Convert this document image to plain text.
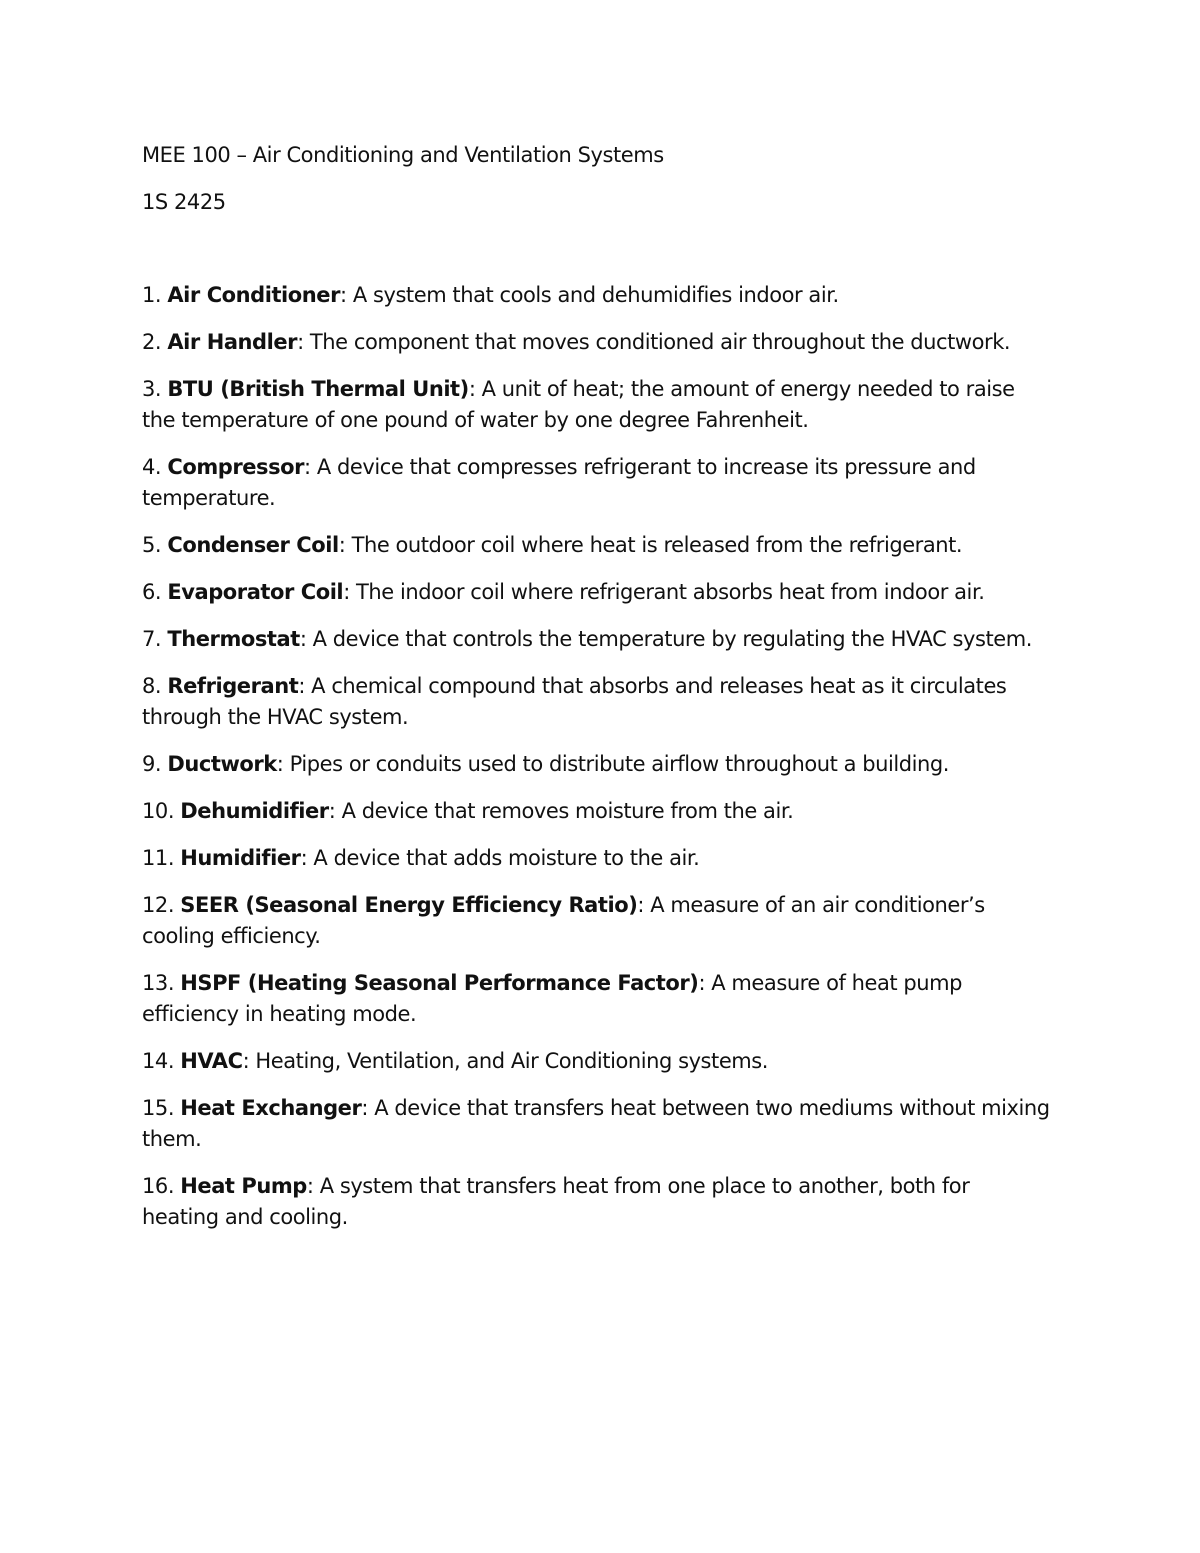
MEE 100 – Air Conditioning and Ventilation Systems

1S 2425

1. Air Conditioner: A system that cools and dehumidifies indoor air.
2. Air Handler: The component that moves conditioned air throughout the ductwork.
3. BTU (British Thermal Unit): A unit of heat; the amount of energy needed to raise the temperature of one pound of water by one degree Fahrenheit.
4. Compressor: A device that compresses refrigerant to increase its pressure and temperature.
5. Condenser Coil: The outdoor coil where heat is released from the refrigerant.
6. Evaporator Coil: The indoor coil where refrigerant absorbs heat from indoor air.
7. Thermostat: A device that controls the temperature by regulating the HVAC system.
8. Refrigerant: A chemical compound that absorbs and releases heat as it circulates through the HVAC system.
9. Ductwork: Pipes or conduits used to distribute airflow throughout a building.
10. Dehumidifier: A device that removes moisture from the air.
11. Humidifier: A device that adds moisture to the air.
12. SEER (Seasonal Energy Efficiency Ratio): A measure of an air conditioner’s cooling efficiency.
13. HSPF (Heating Seasonal Performance Factor): A measure of heat pump efficiency in heating mode.
14. HVAC: Heating, Ventilation, and Air Conditioning systems.
15. Heat Exchanger: A device that transfers heat between two mediums without mixing them.
16. Heat Pump: A system that transfers heat from one place to another, both for heating and cooling.
